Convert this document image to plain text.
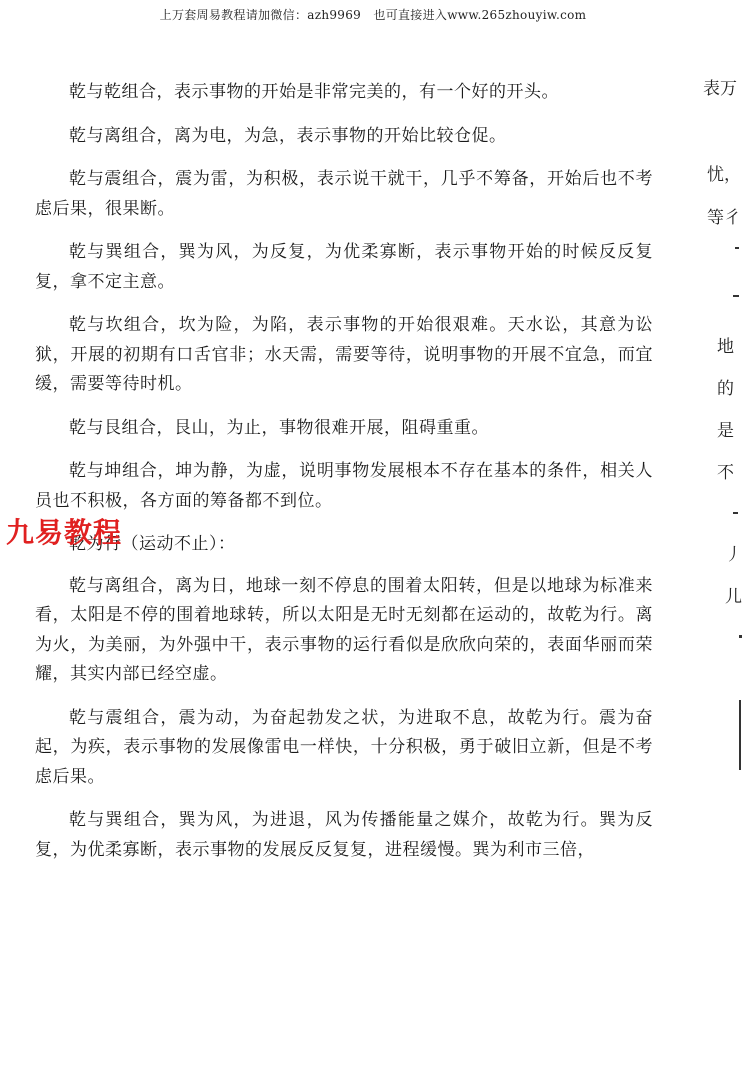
上万套周易教程请加微信：azh9969　也可直接进入www.265zhouyiw.com

乾与乾组合，表示事物的开始是非常完美的，有一个好的开头。

乾与离组合，离为电，为急，表示事物的开始比较仓促。

乾与震组合，震为雷，为积极，表示说干就干，几乎不筹备，开始后也不考虑后果，很果断。

乾与巽组合，巽为风，为反复，为优柔寡断，表示事物开始的时候反反复复，拿不定主意。

乾与坎组合，坎为险，为陷，表示事物的开始很艰难。天水讼，其意为讼狱，开展的初期有口舌官非；水天需，需要等待，说明事物的开展不宜急，而宜缓，需要等待时机。

乾与艮组合，艮山，为止，事物很难开展，阻碍重重。

乾与坤组合，坤为静，为虚，说明事物发展根本不存在基本的条件，相关人员也不积极，各方面的筹备都不到位。

乾为行（运动不止）：

乾与离组合，离为日，地球一刻不停息的围着太阳转，但是以地球为标准来看，太阳是不停的围着地球转，所以太阳是无时无刻都在运动的，故乾为行。离为火，为美丽，为外强中干，表示事物的运行看似是欣欣向荣的，表面华丽而荣耀，其实内部已经空虚。

乾与震组合，震为动，为奋起勃发之状，为进取不息，故乾为行。震为奋起，为疾，表示事物的发展像雷电一样快，十分积极，勇于破旧立新，但是不考虑后果。

乾与巽组合，巽为风，为进退，风为传播能量之媒介，故乾为行。巽为反复，为优柔寡断，表示事物的发展反反复复，进程缓慢。巽为利市三倍，

九易教程
表万
忧，
等彳
地
的
是
不
丿
儿
